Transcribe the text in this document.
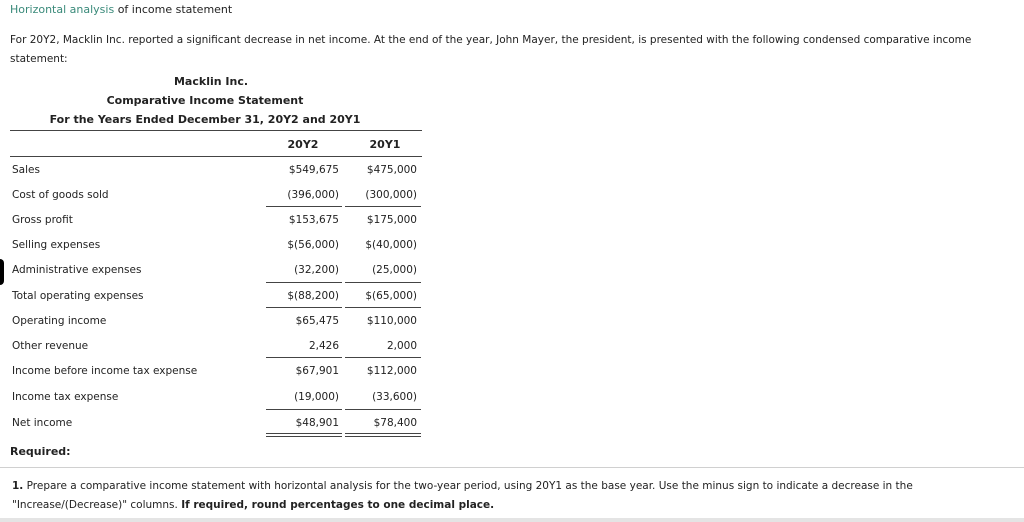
Horizontal analysis of income statement
For 20Y2, Macklin Inc. reported a significant decrease in net income. At the end of the year, John Mayer, the president, is presented with the following condensed comparative income statement:
Macklin Inc.
Comparative Income Statement
For the Years Ended December 31, 20Y2 and 20Y1
20Y2	20Y1
Sales	$549,675	$475,000
Cost of goods sold	(396,000)	(300,000)
Gross profit	$153,675	$175,000
Selling expenses	$(56,000)	$(40,000)
Administrative expenses	(32,200)	(25,000)
Total operating expenses	$(88,200)	$(65,000)
Operating income	$65,475	$110,000
Other revenue	2,426	2,000
Income before income tax expense	$67,901	$112,000
Income tax expense	(19,000)	(33,600)
Net income	$48,901	$78,400
Required:
1. Prepare a comparative income statement with horizontal analysis for the two-year period, using 20Y1 as the base year. Use the minus sign to indicate a decrease in the "Increase/(Decrease)" columns. If required, round percentages to one decimal place.
